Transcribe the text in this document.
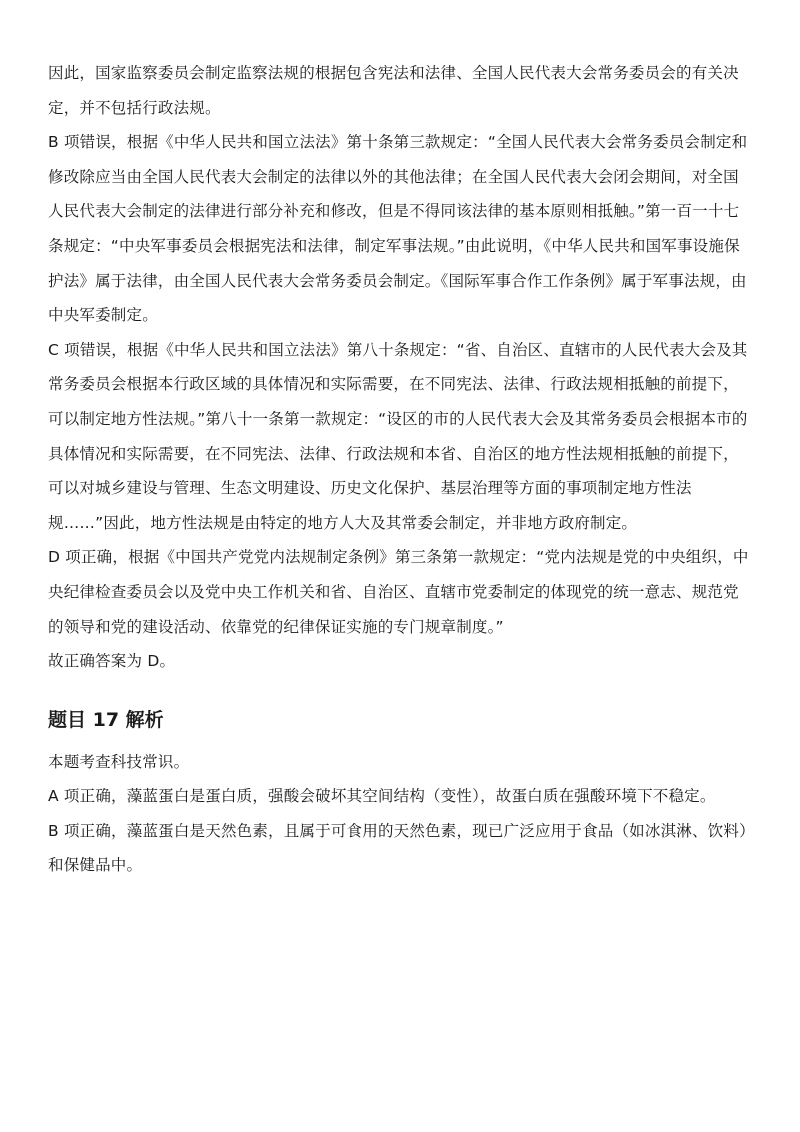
因此，国家监察委员会制定监察法规的根据包含宪法和法律、全国人民代表大会常务委员会的有关决定，并不包括行政法规。

B 项错误，根据《中华人民共和国立法法》第十条第三款规定：“全国人民代表大会常务委员会制定和修改除应当由全国人民代表大会制定的法律以外的其他法律；在全国人民代表大会闭会期间，对全国人民代表大会制定的法律进行部分补充和修改，但是不得同该法律的基本原则相抵触。”第一百一十七条规定：“中央军事委员会根据宪法和法律，制定军事法规。”由此说明，《中华人民共和国军事设施保护法》属于法律，由全国人民代表大会常务委员会制定。《国际军事合作工作条例》属于军事法规，由中央军委制定。

C 项错误，根据《中华人民共和国立法法》第八十条规定：“省、自治区、直辖市的人民代表大会及其常务委员会根据本行政区域的具体情况和实际需要，在不同宪法、法律、行政法规相抵触的前提下，可以制定地方性法规。”第八十一条第一款规定：“设区的市的人民代表大会及其常务委员会根据本市的具体情况和实际需要，在不同宪法、法律、行政法规和本省、自治区的地方性法规相抵触的前提下，可以对城乡建设与管理、生态文明建设、历史文化保护、基层治理等方面的事项制定地方性法规……”因此，地方性法规是由特定的地方人大及其常委会制定，并非地方政府制定。

D 项正确，根据《中国共产党党内法规制定条例》第三条第一款规定：“党内法规是党的中央组织，中央纪律检查委员会以及党中央工作机关和省、自治区、直辖市党委制定的体现党的统一意志、规范党的领导和党的建设活动、依靠党的纪律保证实施的专门规章制度。”

故正确答案为 D。

题目 17 解析

本题考查科技常识。

A 项正确，藻蓝蛋白是蛋白质，强酸会破坏其空间结构（变性），故蛋白质在强酸环境下不稳定。

B 项正确，藻蓝蛋白是天然色素，且属于可食用的天然色素，现已广泛应用于食品（如冰淇淋、饮料）和保健品中。
